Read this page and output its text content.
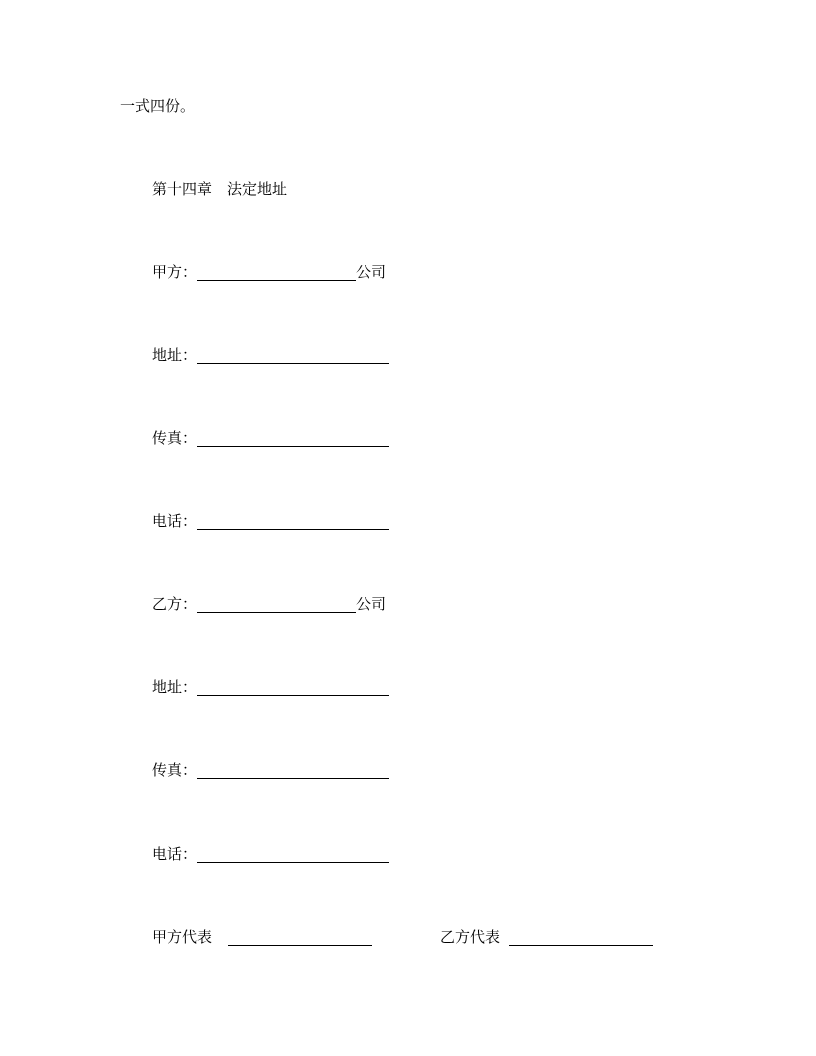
一式四份。
第十四章 法定地址
甲方：	公司
地址：
传真：
电话：
乙方：	公司
地址：
传真：
电话：
甲方代表	乙方代表
